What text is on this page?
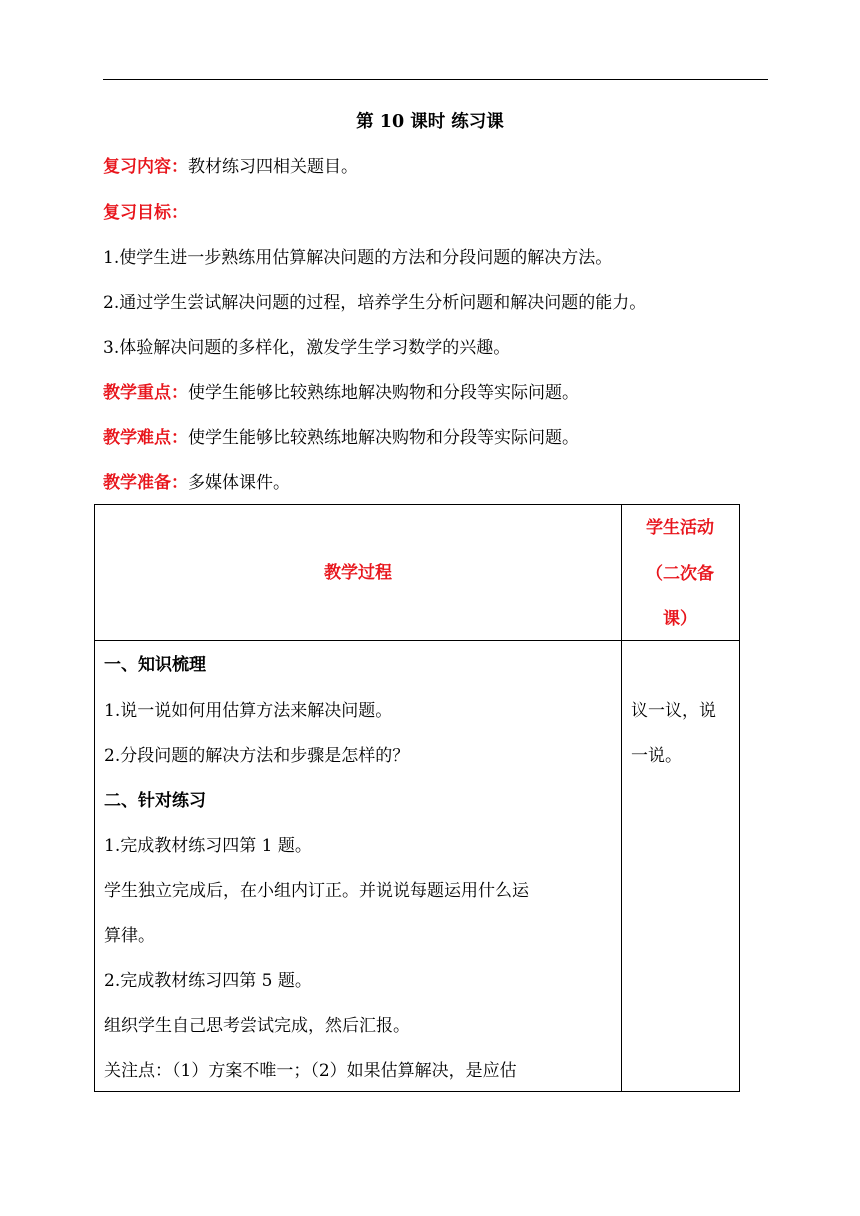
第 10 课时 练习课
复习内容：教材练习四相关题目。
复习目标：
1.使学生进一步熟练用估算解决问题的方法和分段问题的解决方法。
2.通过学生尝试解决问题的过程，培养学生分析问题和解决问题的能力。
3.体验解决问题的多样化，激发学生学习数学的兴趣。
教学重点：使学生能够比较熟练地解决购物和分段等实际问题。
教学难点：使学生能够比较熟练地解决购物和分段等实际问题。
教学准备：多媒体课件。
教学过程
学生活动
（二次备
课）
一、知识梳理
1.说一说如何用估算方法来解决问题。
2.分段问题的解决方法和步骤是怎样的？
二、针对练习
1.完成教材练习四第 1 题。
学生独立完成后，在小组内订正。并说说每题运用什么运
算律。
2.完成教材练习四第 5 题。
组织学生自己思考尝试完成，然后汇报。
关注点：（1）方案不唯一；（2）如果估算解决，是应估
议一议，说
一说。
